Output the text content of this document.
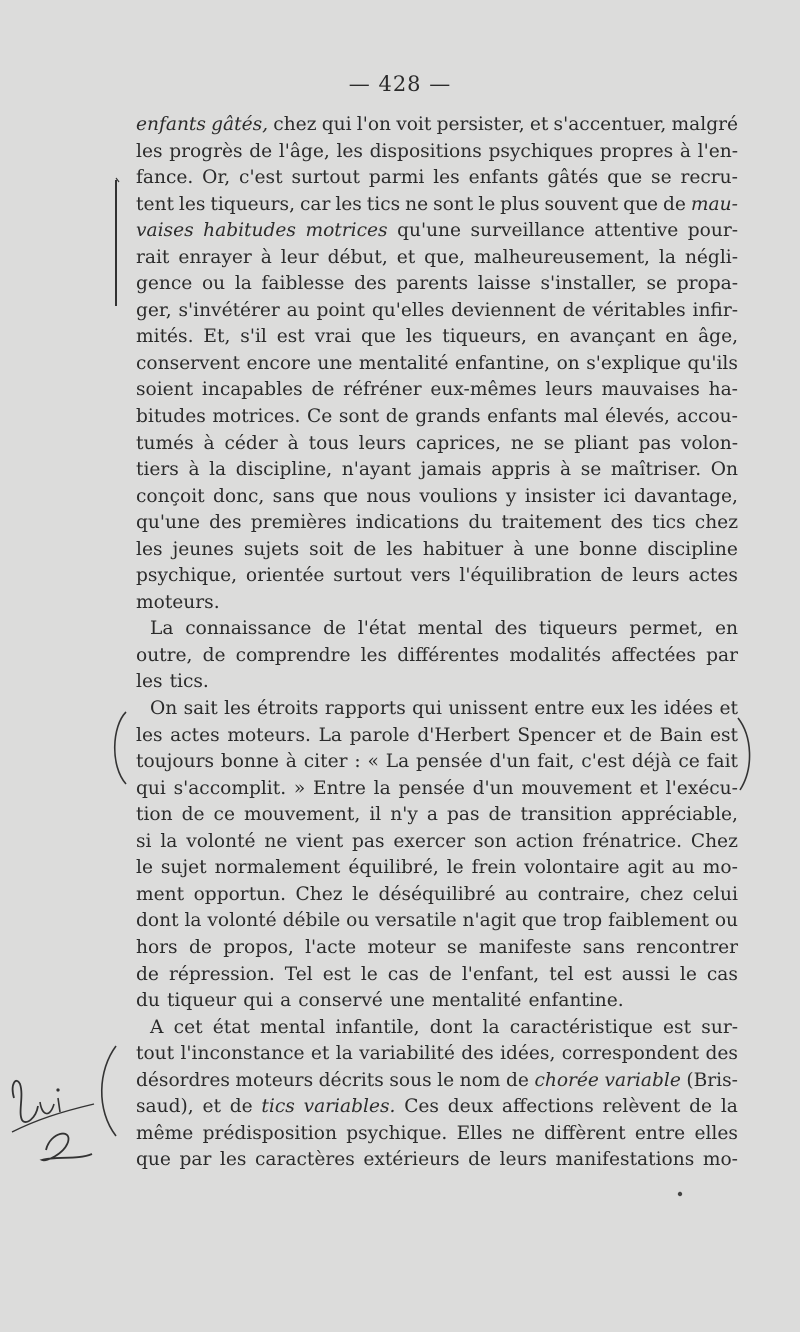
— 428 —
enfants gâtés, chez qui l'on voit persister, et s'accentuer, malgré
les progrès de l'âge, les dispositions psychiques propres à l'en-
fance. Or, c'est surtout parmi les enfants gâtés que se recru-
tent les tiqueurs, car les tics ne sont le plus souvent que de mau-
vaises habitudes motrices qu'une surveillance attentive pour-
rait enrayer à leur début, et que, malheureusement, la négli-
gence ou la faiblesse des parents laisse s'installer, se propa-
ger, s'invétérer au point qu'elles deviennent de véritables infir-
mités. Et, s'il est vrai que les tiqueurs, en avançant en âge,
conservent encore une mentalité enfantine, on s'explique qu'ils
soient incapables de réfréner eux-mêmes leurs mauvaises ha-
bitudes motrices. Ce sont de grands enfants mal élevés, accou-
tumés à céder à tous leurs caprices, ne se pliant pas volon-
tiers à la discipline, n'ayant jamais appris à se maîtriser. On
conçoit donc, sans que nous voulions y insister ici davantage,
qu'une des premières indications du traitement des tics chez
les jeunes sujets soit de les habituer à une bonne discipline
psychique, orientée surtout vers l'équilibration de leurs actes
moteurs.
La connaissance de l'état mental des tiqueurs permet, en
outre, de comprendre les différentes modalités affectées par
les tics.
On sait les étroits rapports qui unissent entre eux les idées et
les actes moteurs. La parole d'Herbert Spencer et de Bain est
toujours bonne à citer : « La pensée d'un fait, c'est déjà ce fait
qui s'accomplit. » Entre la pensée d'un mouvement et l'exécu-
tion de ce mouvement, il n'y a pas de transition appréciable,
si la volonté ne vient pas exercer son action frénatrice. Chez
le sujet normalement équilibré, le frein volontaire agit au mo-
ment opportun. Chez le déséquilibré au contraire, chez celui
dont la volonté débile ou versatile n'agit que trop faiblement ou
hors de propos, l'acte moteur se manifeste sans rencontrer
de répression. Tel est le cas de l'enfant, tel est aussi le cas
du tiqueur qui a conservé une mentalité enfantine.
A cet état mental infantile, dont la caractéristique est sur-
tout l'inconstance et la variabilité des idées, correspondent des
désordres moteurs décrits sous le nom de chorée variable (Bris-
saud), et de tics variables. Ces deux affections relèvent de la
même prédisposition psychique. Elles ne diffèrent entre elles
que par les caractères extérieurs de leurs manifestations mo-
